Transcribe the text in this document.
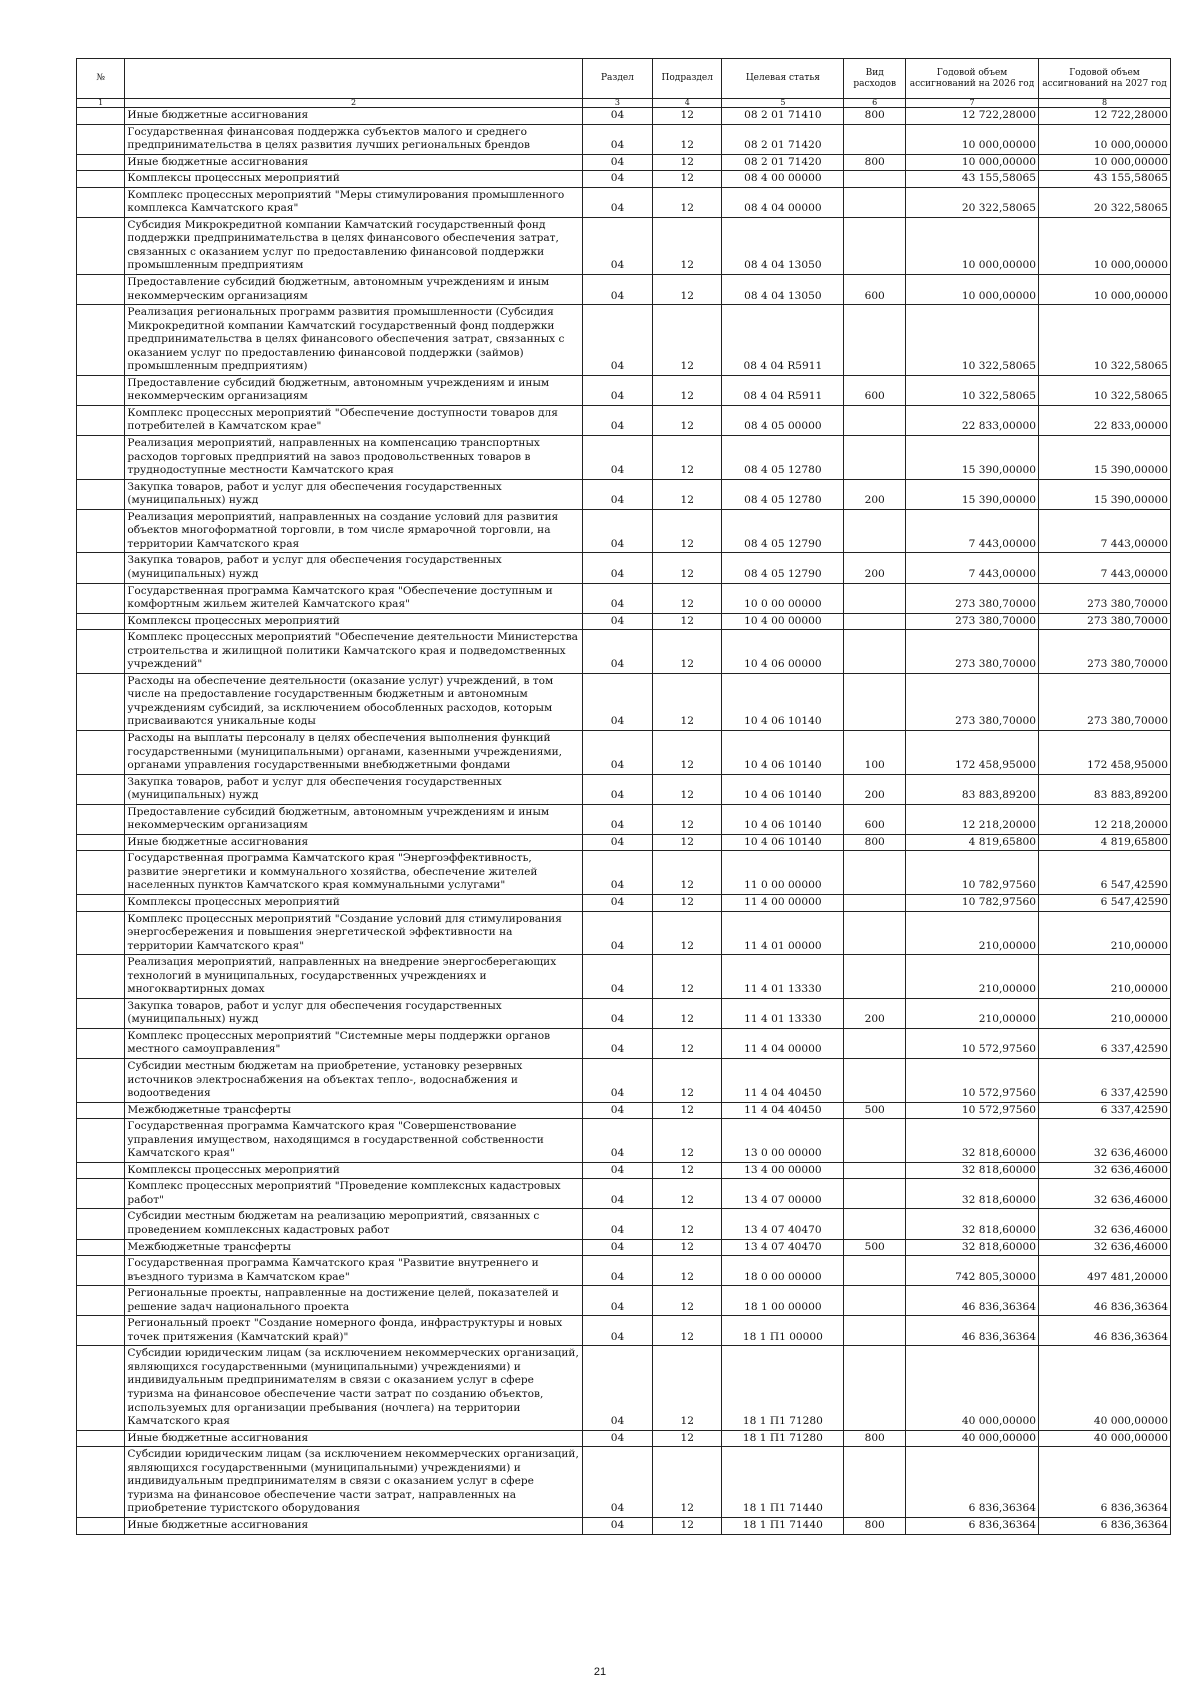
№		Раздел	Подраздел	Целевая статья	Вид расходов	Годовой объем ассигнований на 2026 год	Годовой объем ассигнований на 2027 год
1	2	3	4	5	6	7	8
	Иные бюджетные ассигнования	04	12	08 2 01 71410	800	12 722,28000	12 722,28000
	Государственная финансовая поддержка субъектов малого и среднего предпринимательства в целях развития лучших региональных брендов	04	12	08 2 01 71420		10 000,00000	10 000,00000
	Иные бюджетные ассигнования	04	12	08 2 01 71420	800	10 000,00000	10 000,00000
	Комплексы процессных мероприятий	04	12	08 4 00 00000		43 155,58065	43 155,58065
	Комплекс процессных мероприятий "Меры стимулирования промышленного комплекса Камчатского края"	04	12	08 4 04 00000		20 322,58065	20 322,58065
	Субсидия Микрокредитной компании Камчатский государственный фонд поддержки предпринимательства в целях финансового обеспечения затрат, связанных с оказанием услуг по предоставлению финансовой поддержки промышленным предприятиям	04	12	08 4 04 13050		10 000,00000	10 000,00000
	Предоставление субсидий бюджетным, автономным учреждениям и иным некоммерческим организациям	04	12	08 4 04 13050	600	10 000,00000	10 000,00000
	Реализация региональных программ развития промышленности (Субсидия Микрокредитной компании Камчатский государственный фонд поддержки предпринимательства в целях финансового обеспечения затрат, связанных с оказанием услуг по предоставлению финансовой поддержки (займов) промышленным предприятиям)	04	12	08 4 04 R5911		10 322,58065	10 322,58065
	Предоставление субсидий бюджетным, автономным учреждениям и иным некоммерческим организациям	04	12	08 4 04 R5911	600	10 322,58065	10 322,58065
	Комплекс процессных мероприятий "Обеспечение доступности товаров для потребителей в Камчатском крае"	04	12	08 4 05 00000		22 833,00000	22 833,00000
	Реализация мероприятий, направленных на компенсацию транспортных расходов торговых предприятий на завоз продовольственных товаров в труднодоступные местности Камчатского края	04	12	08 4 05 12780		15 390,00000	15 390,00000
	Закупка товаров, работ и услуг для обеспечения государственных (муниципальных) нужд	04	12	08 4 05 12780	200	15 390,00000	15 390,00000
	Реализация мероприятий, направленных на создание условий для развития объектов многоформатной торговли, в том числе ярмарочной торговли, на территории Камчатского края	04	12	08 4 05 12790		7 443,00000	7 443,00000
	Закупка товаров, работ и услуг для обеспечения государственных (муниципальных) нужд	04	12	08 4 05 12790	200	7 443,00000	7 443,00000
	Государственная программа Камчатского края "Обеспечение доступным и комфортным жильем жителей Камчатского края"	04	12	10 0 00 00000		273 380,70000	273 380,70000
	Комплексы процессных мероприятий	04	12	10 4 00 00000		273 380,70000	273 380,70000
	Комплекс процессных мероприятий "Обеспечение деятельности Министерства строительства и жилищной политики Камчатского края и подведомственных учреждений"	04	12	10 4 06 00000		273 380,70000	273 380,70000
	Расходы на обеспечение деятельности (оказание услуг) учреждений, в том числе на предоставление государственным бюджетным и автономным учреждениям субсидий, за исключением обособленных расходов, которым присваиваются уникальные коды	04	12	10 4 06 10140		273 380,70000	273 380,70000
	Расходы на выплаты персоналу в целях обеспечения выполнения функций государственными (муниципальными) органами, казенными учреждениями, органами управления государственными внебюджетными фондами	04	12	10 4 06 10140	100	172 458,95000	172 458,95000
	Закупка товаров, работ и услуг для обеспечения государственных (муниципальных) нужд	04	12	10 4 06 10140	200	83 883,89200	83 883,89200
	Предоставление субсидий бюджетным, автономным учреждениям и иным некоммерческим организациям	04	12	10 4 06 10140	600	12 218,20000	12 218,20000
	Иные бюджетные ассигнования	04	12	10 4 06 10140	800	4 819,65800	4 819,65800
	Государственная программа Камчатского края "Энергоэффективность, развитие энергетики и коммунального хозяйства, обеспечение жителей населенных пунктов Камчатского края коммунальными услугами"	04	12	11 0 00 00000		10 782,97560	6 547,42590
	Комплексы процессных мероприятий	04	12	11 4 00 00000		10 782,97560	6 547,42590
	Комплекс процессных мероприятий "Создание условий для стимулирования энергосбережения и повышения энергетической эффективности на территории Камчатского края"	04	12	11 4 01 00000		210,00000	210,00000
	Реализация мероприятий, направленных на внедрение энергосберегающих технологий в муниципальных, государственных учреждениях и многоквартирных домах	04	12	11 4 01 13330		210,00000	210,00000
	Закупка товаров, работ и услуг для обеспечения государственных (муниципальных) нужд	04	12	11 4 01 13330	200	210,00000	210,00000
	Комплекс процессных мероприятий "Системные меры поддержки органов местного самоуправления"	04	12	11 4 04 00000		10 572,97560	6 337,42590
	Субсидии местным бюджетам на приобретение, установку резервных источников электроснабжения на объектах тепло-, водоснабжения и водоотведения	04	12	11 4 04 40450		10 572,97560	6 337,42590
	Межбюджетные трансферты	04	12	11 4 04 40450	500	10 572,97560	6 337,42590
	Государственная программа Камчатского края "Совершенствование управления имуществом, находящимся в государственной собственности Камчатского края"	04	12	13 0 00 00000		32 818,60000	32 636,46000
	Комплексы процессных мероприятий	04	12	13 4 00 00000		32 818,60000	32 636,46000
	Комплекс процессных мероприятий "Проведение комплексных кадастровых работ"	04	12	13 4 07 00000		32 818,60000	32 636,46000
	Субсидии местным бюджетам на реализацию мероприятий, связанных с проведением комплексных кадастровых работ	04	12	13 4 07 40470		32 818,60000	32 636,46000
	Межбюджетные трансферты	04	12	13 4 07 40470	500	32 818,60000	32 636,46000
	Государственная программа Камчатского края "Развитие внутреннего и въездного туризма в Камчатском крае"	04	12	18 0 00 00000		742 805,30000	497 481,20000
	Региональные проекты, направленные на достижение целей, показателей и решение задач национального проекта	04	12	18 1 00 00000		46 836,36364	46 836,36364
	Региональный проект "Создание номерного фонда, инфраструктуры и новых точек притяжения (Камчатский край)"	04	12	18 1 П1 00000		46 836,36364	46 836,36364
	Субсидии юридическим лицам (за исключением некоммерческих организаций, являющихся государственными (муниципальными) учреждениями) и индивидуальным предпринимателям в связи с оказанием услуг в сфере туризма на финансовое обеспечение части затрат по созданию объектов, используемых для организации пребывания (ночлега) на территории Камчатского края	04	12	18 1 П1 71280		40 000,00000	40 000,00000
	Иные бюджетные ассигнования	04	12	18 1 П1 71280	800	40 000,00000	40 000,00000
	Субсидии юридическим лицам (за исключением некоммерческих организаций, являющихся государственными (муниципальными) учреждениями) и индивидуальным предпринимателям в связи с оказанием услуг в сфере туризма на финансовое обеспечение части затрат, направленных на приобретение туристского оборудования	04	12	18 1 П1 71440		6 836,36364	6 836,36364
	Иные бюджетные ассигнования	04	12	18 1 П1 71440	800	6 836,36364	6 836,36364
21
